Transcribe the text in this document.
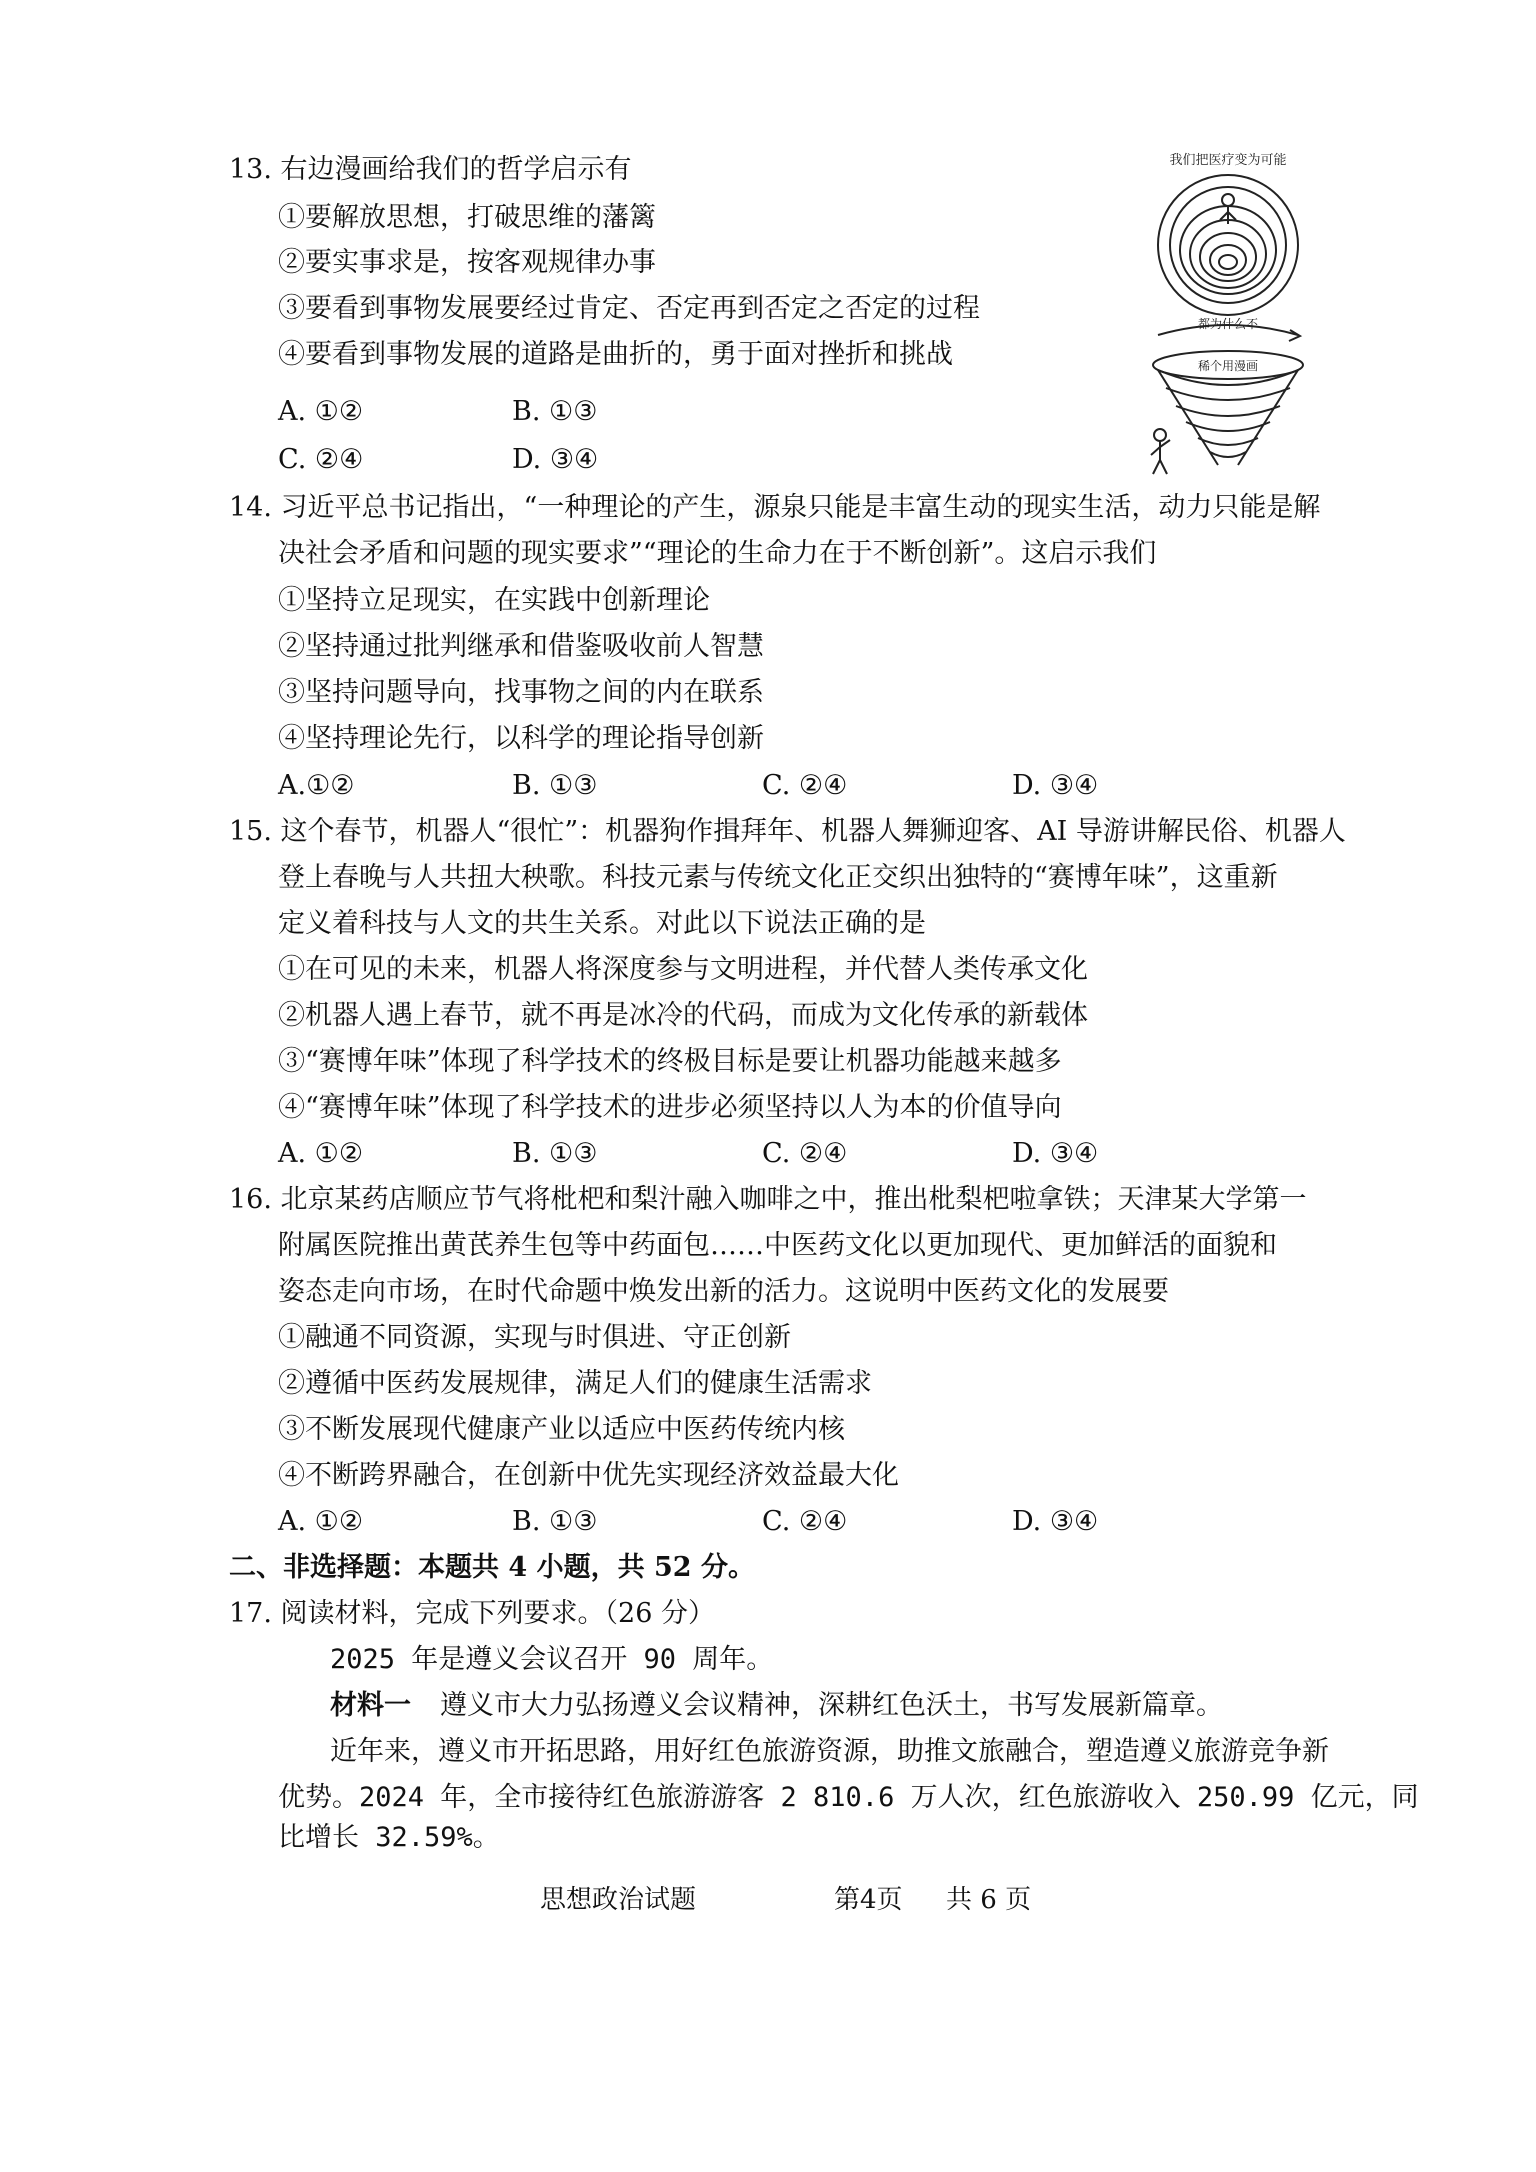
13. 右边漫画给我们的哲学启示有
①要解放思想，打破思维的藩篱
②要实事求是，按客观规律办事
③要看到事物发展要经过肯定、否定再到否定之否定的过程
④要看到事物发展的道路是曲折的，勇于面对挫折和挑战
A. ①②	B. ①③
C. ②④	D. ③④
我们把医疗变为可能
都为什么不
稀个用漫画
14. 习近平总书记指出，“一种理论的产生，源泉只能是丰富生动的现实生活，动力只能是解
决社会矛盾和问题的现实要求”“理论的生命力在于不断创新”。这启示我们
①坚持立足现实，在实践中创新理论
②坚持通过批判继承和借鉴吸收前人智慧
③坚持问题导向，找事物之间的内在联系
④坚持理论先行，以科学的理论指导创新
A.①②	B. ①③	C. ②④	D. ③④
15. 这个春节，机器人“很忙”：机器狗作揖拜年、机器人舞狮迎客、AI 导游讲解民俗、机器人
登上春晚与人共扭大秧歌。科技元素与传统文化正交织出独特的“赛博年味”，这重新
定义着科技与人文的共生关系。对此以下说法正确的是
①在可见的未来，机器人将深度参与文明进程，并代替人类传承文化
②机器人遇上春节，就不再是冰冷的代码，而成为文化传承的新载体
③“赛博年味”体现了科学技术的终极目标是要让机器功能越来越多
④“赛博年味”体现了科学技术的进步必须坚持以人为本的价值导向
A. ①②	B. ①③	C. ②④	D. ③④
16. 北京某药店顺应节气将枇杷和梨汁融入咖啡之中，推出枇梨杷啦拿铁；天津某大学第一
附属医院推出黄芪养生包等中药面包……中医药文化以更加现代、更加鲜活的面貌和
姿态走向市场，在时代命题中焕发出新的活力。这说明中医药文化的发展要
①融通不同资源，实现与时俱进、守正创新
②遵循中医药发展规律，满足人们的健康生活需求
③不断发展现代健康产业以适应中医药传统内核
④不断跨界融合，在创新中优先实现经济效益最大化
A. ①②	B. ①③	C. ②④	D. ③④
二、非选择题：本题共 4 小题，共 52 分。
17. 阅读材料，完成下列要求。（26 分）
2025 年是遵义会议召开 90 周年。
材料一 遵义市大力弘扬遵义会议精神，深耕红色沃土，书写发展新篇章。
近年来，遵义市开拓思路，用好红色旅游资源，助推文旅融合，塑造遵义旅游竞争新
优势。2024 年，全市接待红色旅游游客 2 810.6 万人次，红色旅游收入 250.99 亿元，同
比增长 32.59%。
思想政治试题	第4页 共 6 页
